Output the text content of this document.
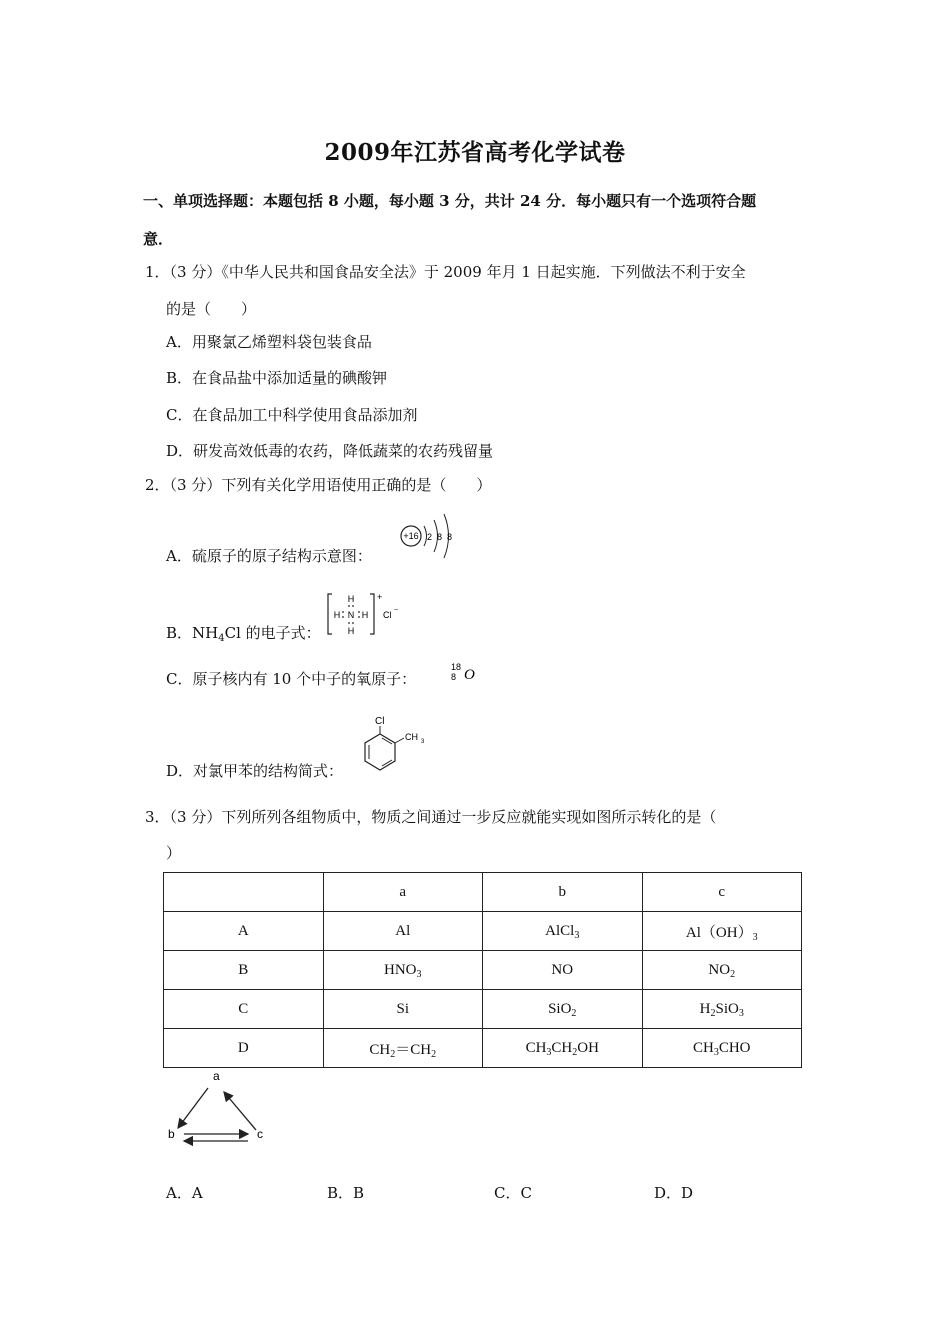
2009年江苏省高考化学试卷
一、单项选择题：本题包括 8 小题，每小题 3 分，共计 24 分．每小题只有一个选项符合题
意．
1．（3 分）《中华人民共和国食品安全法》于 2009 年月 1 日起实施．下列做法不利于安全
的是（　　）
A．用聚氯乙烯塑料袋包装食品
B．在食品盐中添加适量的碘酸钾
C．在食品加工中科学使用食品添加剂
D．研发高效低毒的农药，降低蔬菜的农药残留量
2．（3 分）下列有关化学用语使用正确的是（　　）
A．硫原子的原子结构示意图：
+16 2 8 8
B．$NH_4Cl$ 的电子式：
H
H N H
H
+
Cl −
C．原子核内有 10 个中子的氧原子：
18
8 O
D．对氯甲苯的结构简式：
Cl
CH 3
3．（3 分）下列所列各组物质中，物质之间通过一步反应就能实现如图所示转化的是（
）
	a	b	c
A	Al	AlCl$_3$	$Al(OH)_3$
B	$HNO_3$	NO	$NO_2$
C	Si	SiO$_2$	$H_2SiO_3$
D	$CH_2=CH_2$	$CH_3CH_2OH$	$CH_3CHO$
a
b	c
A．A	B．B	C．C	D．D
